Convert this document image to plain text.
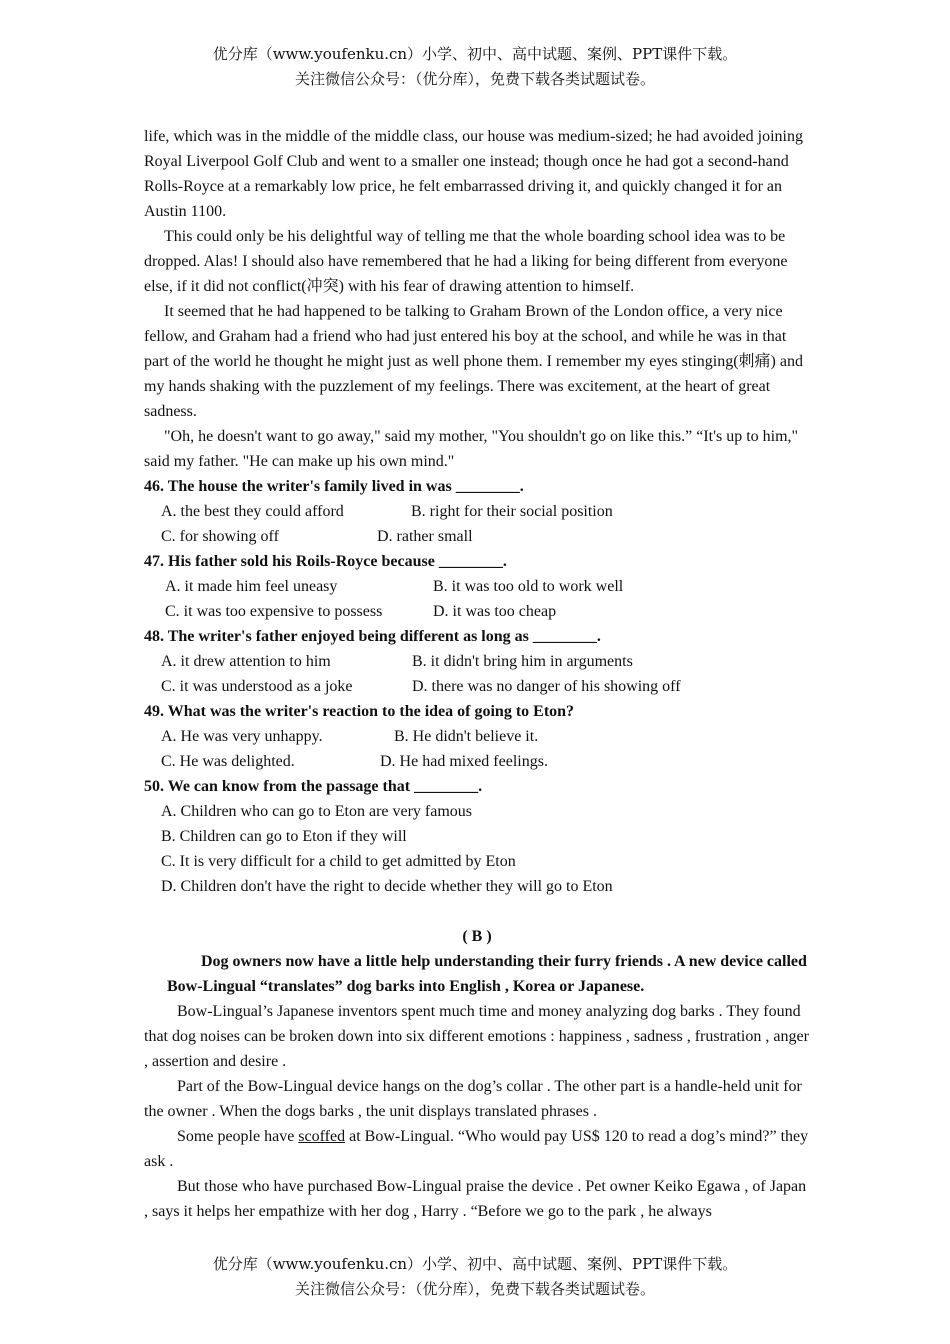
优分库（www.youfenku.cn）小学、初中、高中试题、案例、PPT课件下载。
关注微信公众号：（优分库），免费下载各类试题试卷。

life, which was in the middle of the middle class, our house was medium-sized; he had avoided joining Royal Liverpool Golf Club and went to a smaller one instead; though once he had got a second-hand Rolls-Royce at a remarkably low price, he felt embarrassed driving it, and quickly changed it for an Austin 1100.

This could only be his delightful way of telling me that the whole boarding school idea was to be dropped. Alas! I should also have remembered that he had a liking for being different from everyone else, if it did not conflict(冲突) with his fear of drawing attention to himself.

It seemed that he had happened to be talking to Graham Brown of the London office, a very nice fellow, and Graham had a friend who had just entered his boy at the school, and while he was in that part of the world he thought he might just as well phone them. I remember my eyes stinging(刺痛) and my hands shaking with the puzzlement of my feelings. There was excitement, at the heart of great sadness.

"Oh, he doesn't want to go away," said my mother, "You shouldn't go on like this.” “It's up to him," said my father. "He can make up his own mind."

46. The house the writer's family lived in was ________.

A. the best they could afford	B. right for their social position
C. for showing off	D. rather small

47. His father sold his Roils-Royce because ________.

A. it made him feel uneasy	B. it was too old to work well
C. it was too expensive to possess	D. it was too cheap

48. The writer's father enjoyed being different as long as ________.

A. it drew attention to him	B. it didn't bring him in arguments
C. it was understood as a joke	D. there was no danger of his showing off

49. What was the writer's reaction to the idea of going to Eton?

A. He was very unhappy.	B. He didn't believe it.
C. He was delighted.	D. He had mixed feelings.

50. We can know from the passage that ________.

A. Children who can go to Eton are very famous
B. Children can go to Eton if they will
C. It is very difficult for a child to get admitted by Eton
D. Children don't have the right to decide whether they will go to Eton

( B )

Dog owners now have a little help understanding their furry friends . A new device called Bow-Lingual “translates” dog barks into English , Korea or Japanese.

Bow-Lingual’s Japanese inventors spent much time and money analyzing dog barks . They found that dog noises can be broken down into six different emotions : happiness , sadness , frustration , anger , assertion and desire .

Part of the Bow-Lingual device hangs on the dog’s collar . The other part is a handle-held unit for the owner . When the dogs barks , the unit displays translated phrases .

Some people have scoffed at Bow-Lingual. “Who would pay US$ 120 to read a dog’s mind?” they ask .

But those who have purchased Bow-Lingual praise the device . Pet owner Keiko Egawa , of Japan , says it helps her empathize with her dog , Harry . “Before we go to the park , he always

优分库（www.youfenku.cn）小学、初中、高中试题、案例、PPT课件下载。
关注微信公众号：（优分库），免费下载各类试题试卷。
